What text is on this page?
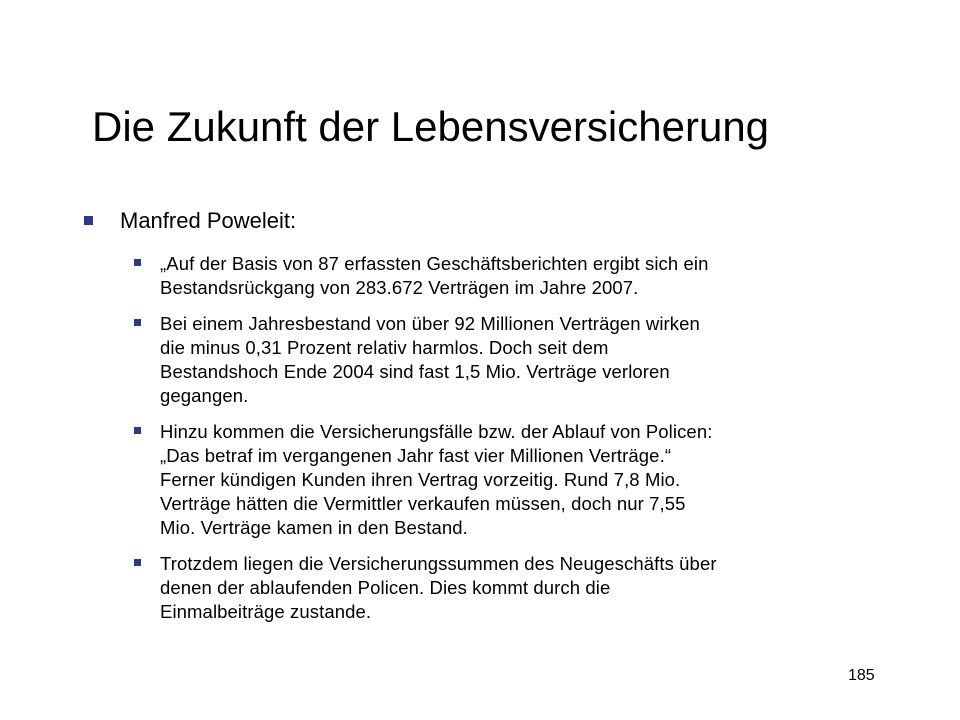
Die Zukunft der Lebensversicherung
Manfred Poweleit:
„Auf der Basis von 87 erfassten Geschäftsberichten ergibt sich ein
Bestandsrückgang von 283.672 Verträgen im Jahre 2007.
Bei einem Jahresbestand von über 92 Millionen Verträgen wirken
die minus 0,31 Prozent relativ harmlos. Doch seit dem
Bestandshoch Ende 2004 sind fast 1,5 Mio. Verträge verloren
gegangen.
Hinzu kommen die Versicherungsfälle bzw. der Ablauf von Policen:
„Das betraf im vergangenen Jahr fast vier Millionen Verträge.“
Ferner kündigen Kunden ihren Vertrag vorzeitig. Rund 7,8 Mio.
Verträge hätten die Vermittler verkaufen müssen, doch nur 7,55
Mio. Verträge kamen in den Bestand.
Trotzdem liegen die Versicherungssummen des Neugeschäfts über
denen der ablaufenden Policen. Dies kommt durch die
Einmalbeiträge zustande.
185
